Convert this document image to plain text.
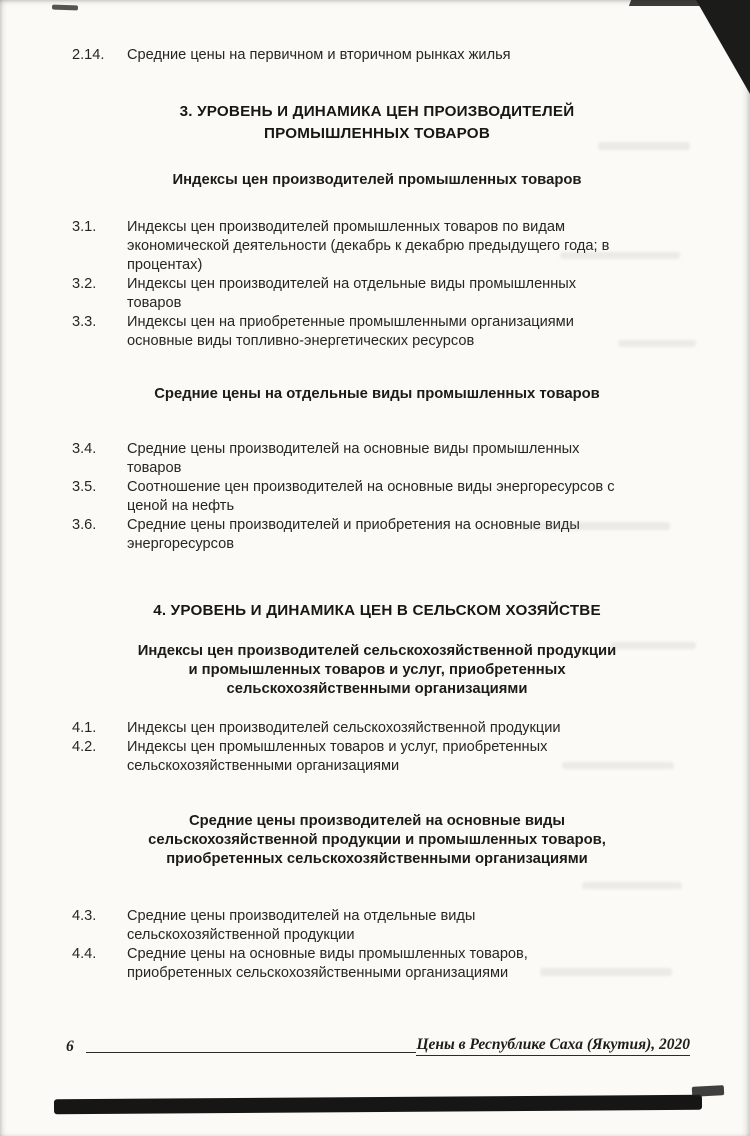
2.14.	Средние цены на первичном и вторичном рынках жилья
3. УРОВЕНЬ И ДИНАМИКА ЦЕН ПРОИЗВОДИТЕЛЕЙ ПРОМЫШЛЕННЫХ ТОВАРОВ
Индексы цен производителей промышленных товаров
3.1.	Индексы цен производителей промышленных товаров по видам экономической деятельности (декабрь к декабрю предыдущего года; в процентах)
3.2.	Индексы цен производителей на отдельные виды промышленных товаров
3.3.	Индексы цен на приобретенные промышленными организациями основные виды топливно-энергетических ресурсов
Средние цены на отдельные виды промышленных товаров
3.4.	Средние цены производителей на основные виды промышленных товаров
3.5.	Соотношение цен производителей на основные виды энергоресурсов с ценой на нефть
3.6.	Средние цены производителей и приобретения на основные виды энергоресурсов
4. УРОВЕНЬ И ДИНАМИКА ЦЕН В СЕЛЬСКОМ ХОЗЯЙСТВЕ
Индексы цен производителей сельскохозяйственной продукции и промышленных товаров и услуг, приобретенных сельскохозяйственными организациями
4.1.	Индексы цен производителей сельскохозяйственной продукции
4.2.	Индексы цен промышленных товаров и услуг, приобретенных сельскохозяйственными организациями
Средние цены производителей на основные виды сельскохозяйственной продукции и промышленных товаров, приобретенных сельскохозяйственными организациями
4.3.	Средние цены производителей на отдельные виды сельскохозяйственной продукции
4.4.	Средние цены на основные виды промышленных товаров, приобретенных сельскохозяйственными организациями
6	Цены в Республике Саха (Якутия), 2020
